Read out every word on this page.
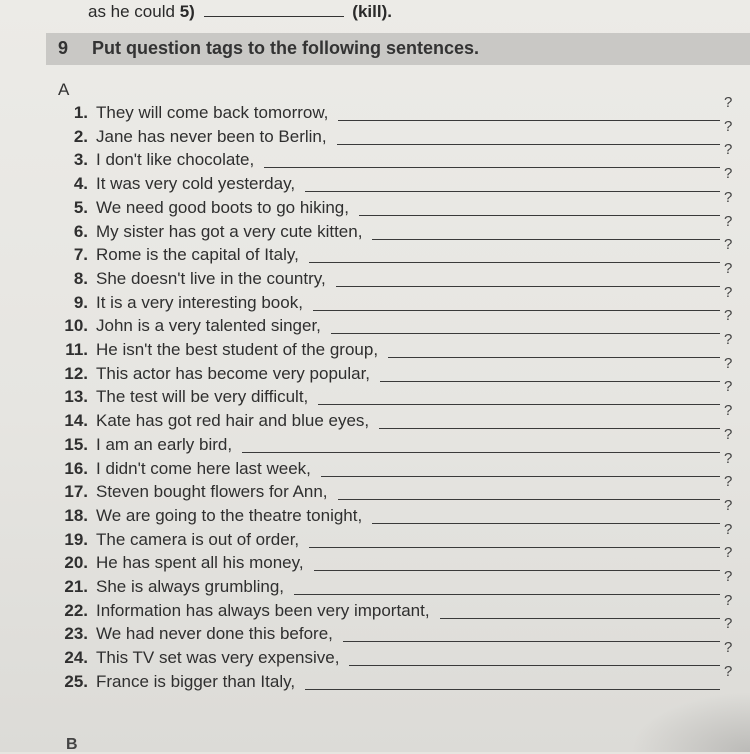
as he could 5)	(kill).
9 Put question tags to the following sentences.
A
1. They will come back tomorrow,
?
2. Jane has never been to Berlin,
?
3. I don't like chocolate,
?
4. It was very cold yesterday,
?
5. We need good boots to go hiking,
?
6. My sister has got a very cute kitten,
?
7. Rome is the capital of Italy,
?
8. She doesn't live in the country,
?
9. It is a very interesting book,
?
10. John is a very talented singer,
?
11. He isn't the best student of the group,
?
12. This actor has become very popular,
?
13. The test will be very difficult,
?
14. Kate has got red hair and blue eyes,
?
15. I am an early bird,
?
16. I didn't come here last week,
?
17. Steven bought flowers for Ann,
?
18. We are going to the theatre tonight,
?
19. The camera is out of order,
?
20. He has spent all his money,
?
21. She is always grumbling,
?
22. Information has always been very important,
?
23. We had never done this before,
?
24. This TV set was very expensive,
?
25. France is bigger than Italy,
?
B
